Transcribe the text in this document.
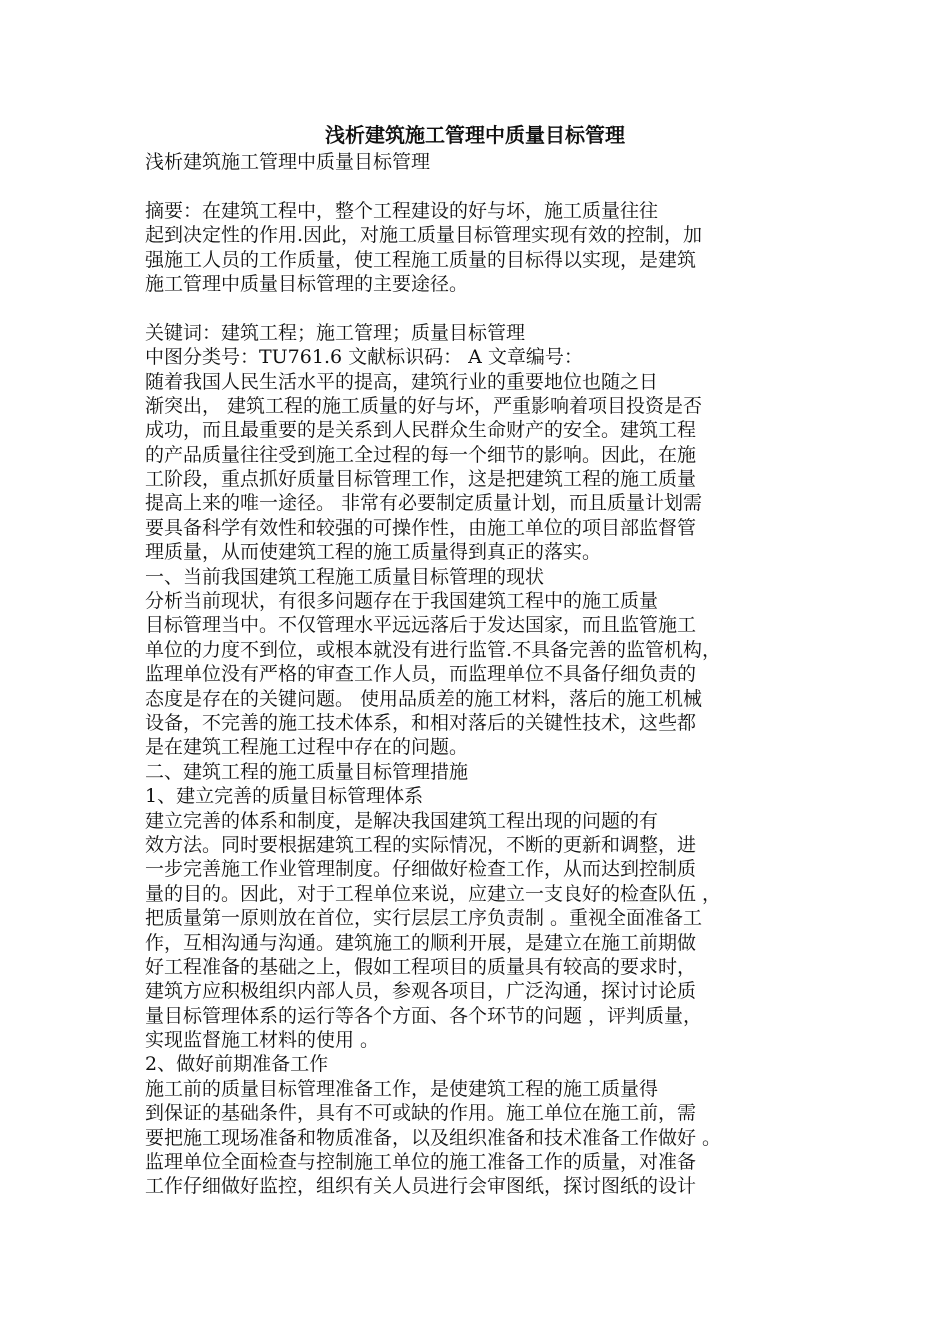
浅析建筑施工管理中质量目标管理
浅析建筑施工管理中质量目标管理
摘要：在建筑工程中，整个工程建设的好与坏，施工质量往往
起到决定性的作用.因此，对施工质量目标管理实现有效的控制，加
强施工人员的工作质量，使工程施工质量的目标得以实现，是建筑
施工管理中质量目标管理的主要途径。
关键词：建筑工程；施工管理；质量目标管理
中图分类号：TU761.6 文献标识码： A 文章编号：
随着我国人民生活水平的提高，建筑行业的重要地位也随之日
渐突出， 建筑工程的施工质量的好与坏，严重影响着项目投资是否
成功，而且最重要的是关系到人民群众生命财产的安全。建筑工程
的产品质量往往受到施工全过程的每一个细节的影响。因此，在施
工阶段，重点抓好质量目标管理工作，这是把建筑工程的施工质量
提高上来的唯一途径。 非常有必要制定质量计划，而且质量计划需
要具备科学有效性和较强的可操作性，由施工单位的项目部监督管
理质量，从而使建筑工程的施工质量得到真正的落实。
一、当前我国建筑工程施工质量目标管理的现状
分析当前现状，有很多问题存在于我国建筑工程中的施工质量
目标管理当中。不仅管理水平远远落后于发达国家，而且监管施工
单位的力度不到位，或根本就没有进行监管.不具备完善的监管机构，
监理单位没有严格的审查工作人员，而监理单位不具备仔细负责的
态度是存在的关键问题。 使用品质差的施工材料，落后的施工机械
设备，不完善的施工技术体系，和相对落后的关键性技术，这些都
是在建筑工程施工过程中存在的问题。
二、建筑工程的施工质量目标管理措施
1、建立完善的质量目标管理体系
建立完善的体系和制度，是解决我国建筑工程出现的问题的有
效方法。同时要根据建筑工程的实际情况，不断的更新和调整，进
一步完善施工作业管理制度。仔细做好检查工作，从而达到控制质
量的目的。因此，对于工程单位来说，应建立一支良好的检查队伍 ，
把质量第一原则放在首位，实行层层工序负责制 。重视全面准备工
作，互相沟通与沟通。建筑施工的顺利开展，是建立在施工前期做
好工程准备的基础之上，假如工程项目的质量具有较高的要求时，
建筑方应积极组织内部人员，参观各项目，广泛沟通，探讨讨论质
量目标管理体系的运行等各个方面、各个环节的问题 ，评判质量，
实现监督施工材料的使用 。
2、做好前期准备工作
施工前的质量目标管理准备工作，是使建筑工程的施工质量得
到保证的基础条件，具有不可或缺的作用。施工单位在施工前，需
要把施工现场准备和物质准备，以及组织准备和技术准备工作做好 。
监理单位全面检查与控制施工单位的施工准备工作的质量，对准备
工作仔细做好监控，组织有关人员进行会审图纸，探讨图纸的设计
